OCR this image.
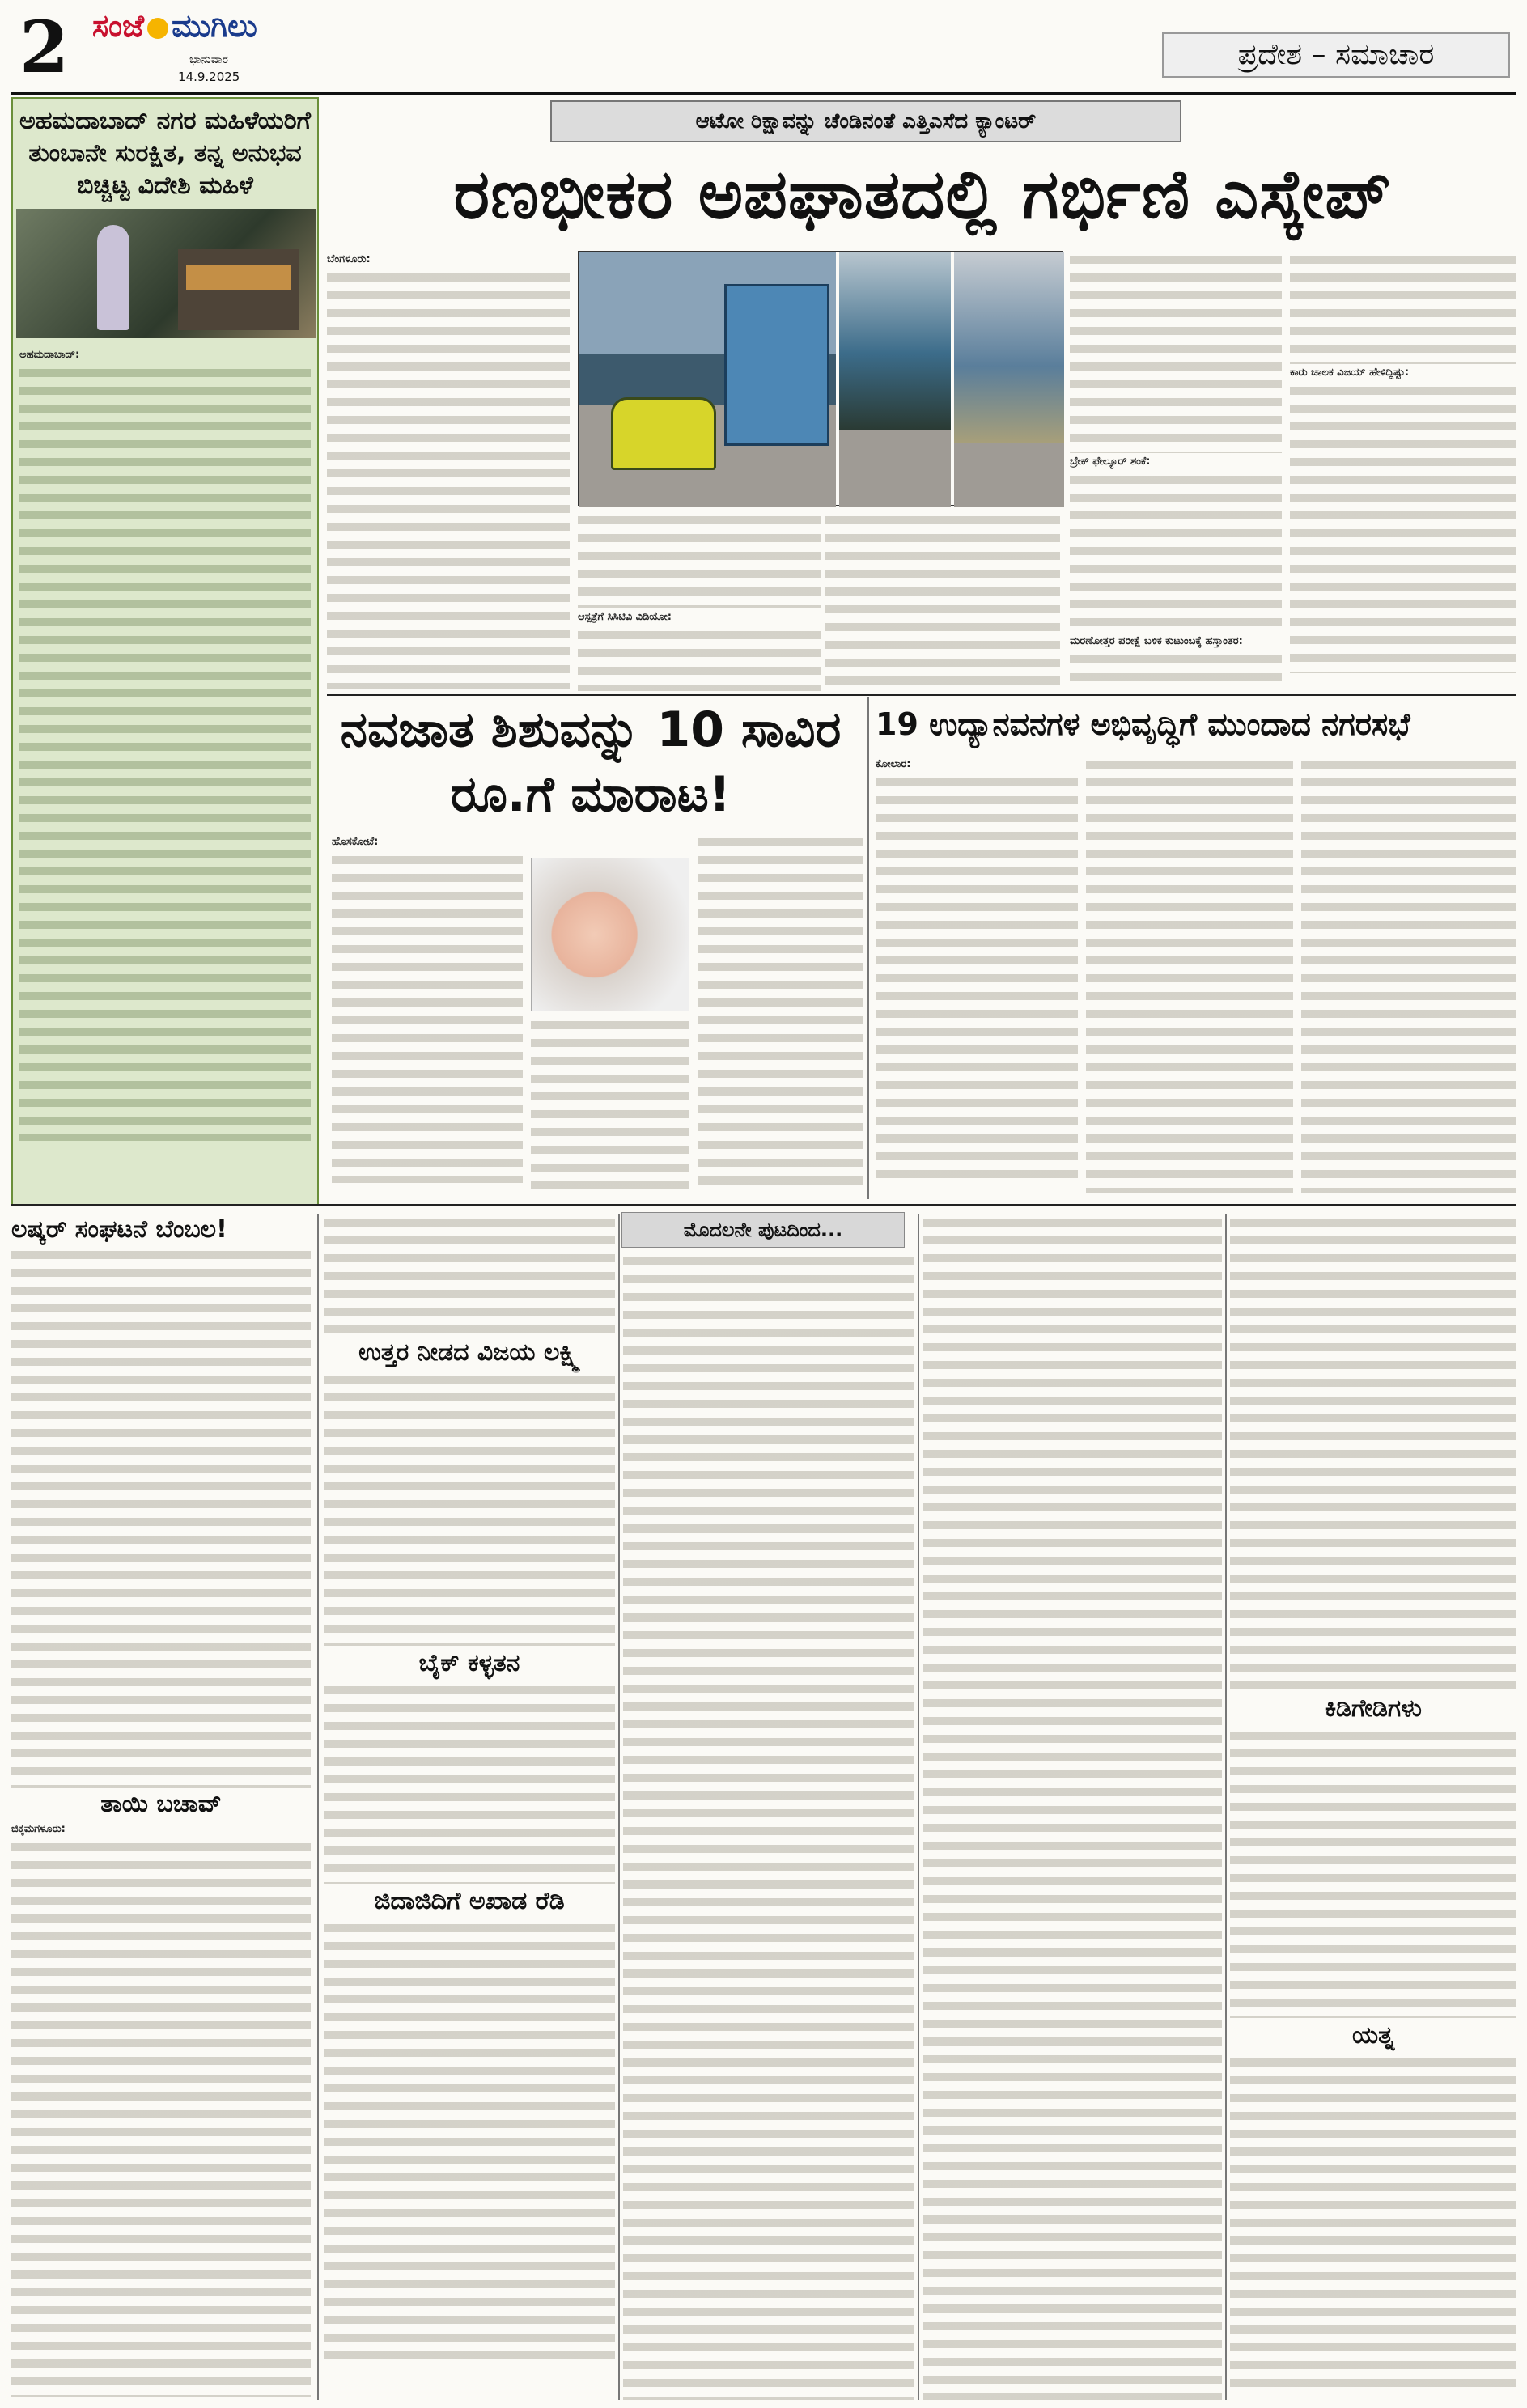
2 ಸಂಜೆ ಮುಗಿಲು
ಭಾನುವಾರ
14.9.2025
ಪ್ರದೇಶ – ಸಮಾಚಾರ
ಅಹಮದಾಬಾದ್ ನಗರ ಮಹಿಳೆಯರಿಗೆ ತುಂಬಾನೇ ಸುರಕ್ಷಿತ, ತನ್ನ ಅನುಭವ ಬಿಚ್ಚಿಟ್ಟ ವಿದೇಶಿ ಮಹಿಳೆ
ಅಹಮದಾಬಾದ್:
ಆಟೋ ರಿಕ್ಷಾವನ್ನು ಚೆಂಡಿನಂತೆ ಎತ್ತಿಎಸೆದ ಕ್ಯಾಂಟರ್
ರಣಭೀಕರ ಅಪಘಾತದಲ್ಲಿ ಗರ್ಭಿಣಿ ಎಸ್ಕೇಪ್
ಬೆಂಗಳೂರು:
ಆಸ್ಪತ್ರೆಗೆ ಸಿಸಿಟಿವಿ ವಿಡಿಯೋ:
ಬ್ರೇಕ್ ಫೇಲ್ಯೂರ್ ಶಂಕೆ:
ಮರಣೋತ್ತರ ಪರೀಕ್ಷೆ ಬಳಿಕ ಕುಟುಂಬಕ್ಕೆ ಹಸ್ತಾಂತರ:
ಕಾರು ಚಾಲಕ ವಿಜಯ್ ಹೇಳಿದ್ದಿಷ್ಟು:
ನವಜಾತ ಶಿಶುವನ್ನು 10 ಸಾವಿರ ರೂ.ಗೆ ಮಾರಾಟ!
ಹೊಸಕೋಟೆ:
19 ಉದ್ಯಾನವನಗಳ ಅಭಿವೃದ್ಧಿಗೆ ಮುಂದಾದ ನಗರಸಭೆ
ಕೋಲಾರ:
ಲಷ್ಕರ್ ಸಂಘಟನೆ ಬೆಂಬಲ!
ತಾಯಿ ಬಚಾವ್
ಚಿಕ್ಕಮಗಳೂರು:
ಉತ್ತರ ನೀಡದ ವಿಜಯ ಲಕ್ಷ್ಮಿ
ಬೈಕ್ ಕಳ್ಳತನ
ಜಿದಾಜಿದಿಗೆ ಅಖಾಡ ರೆಡಿ
ಮೊದಲನೇ ಪುಟದಿಂದ...
ಕಿಡಿಗೇಡಿಗಳು
ಯತ್ನ
